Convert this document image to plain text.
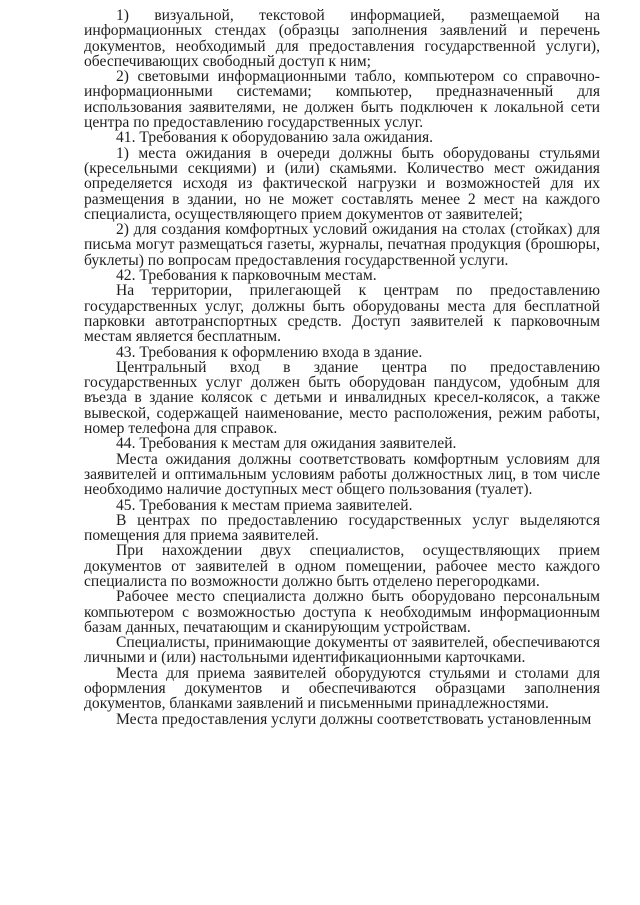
1) визуальной, текстовой информацией, размещаемой на информационных стендах (образцы заполнения заявлений и перечень документов, необходимый для предоставления государственной услуги), обеспечивающих свободный доступ к ним;

2) световыми информационными табло, компьютером со справочно-информационными системами; компьютер, предназначенный для использования заявителями, не должен быть подключен к локальной сети центра по предоставлению государственных услуг.

41. Требования к оборудованию зала ожидания.

1) места ожидания в очереди должны быть оборудованы стульями (кресельными секциями) и (или) скамьями. Количество мест ожидания определяется исходя из фактической нагрузки и возможностей для их размещения в здании, но не может составлять менее 2 мест на каждого специалиста, осуществляющего прием документов от заявителей;

2) для создания комфортных условий ожидания на столах (стойках) для письма могут размещаться газеты, журналы, печатная продукция (брошюры, буклеты) по вопросам предоставления государственной услуги.

42. Требования к парковочным местам.

На территории, прилегающей к центрам по предоставлению государственных услуг, должны быть оборудованы места для бесплатной парковки автотранспортных средств. Доступ заявителей к парковочным местам является бесплатным.

43. Требования к оформлению входа в здание.

Центральный вход в здание центра по предоставлению государственных услуг должен быть оборудован пандусом, удобным для въезда в здание колясок с детьми и инвалидных кресел-колясок, а также вывеской, содержащей наименование, место расположения, режим работы, номер телефона для справок.

44. Требования к местам для ожидания заявителей.

Места ожидания должны соответствовать комфортным условиям для заявителей и оптимальным условиям работы должностных лиц, в том числе необходимо наличие доступных мест общего пользования (туалет).

45. Требования к местам приема заявителей.

В центрах по предоставлению государственных услуг выделяются помещения для приема заявителей.

При нахождении двух специалистов, осуществляющих прием документов от заявителей в одном помещении, рабочее место каждого специалиста по возможности должно быть отделено перегородками.

Рабочее место специалиста должно быть оборудовано персональным компьютером с возможностью доступа к необходимым информационным базам данных, печатающим и сканирующим устройствам.

Специалисты, принимающие документы от заявителей, обеспечиваются личными и (или) настольными идентификационными карточками.

Места для приема заявителей оборудуются стульями и столами для оформления документов и обеспечиваются образцами заполнения документов, бланками заявлений и письменными принадлежностями.

Места предоставления услуги должны соответствовать установленным
